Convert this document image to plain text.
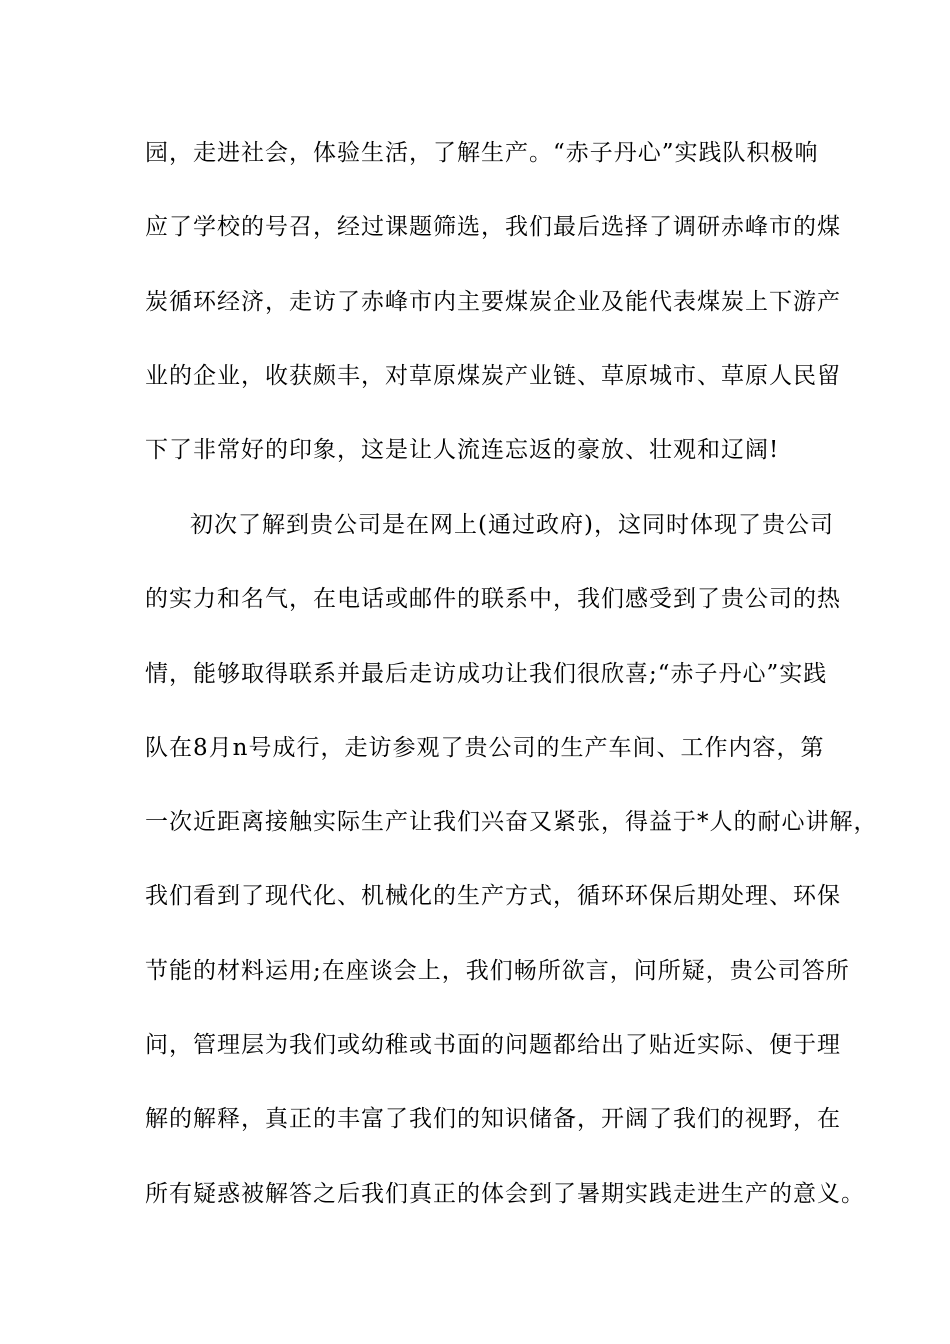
园，走进社会，体验生活，了解生产。“赤子丹心”实践队积极响
应了学校的号召，经过课题筛选，我们最后选择了调研赤峰市的煤
炭循环经济，走访了赤峰市内主要煤炭企业及能代表煤炭上下游产
业的企业，收获颇丰，对草原煤炭产业链、草原城市、草原人民留
下了非常好的印象，这是让人流连忘返的豪放、壮观和辽阔!
初次了解到贵公司是在网上(通过政府)，这同时体现了贵公司
的实力和名气，在电话或邮件的联系中，我们感受到了贵公司的热
情，能够取得联系并最后走访成功让我们很欣喜;“赤子丹心”实践
队在8月n号成行，走访参观了贵公司的生产车间、工作内容，第
一次近距离接触实际生产让我们兴奋又紧张，得益于*人的耐心讲解，
我们看到了现代化、机械化的生产方式，循环环保后期处理、环保
节能的材料运用;在座谈会上，我们畅所欲言，问所疑，贵公司答所
问，管理层为我们或幼稚或书面的问题都给出了贴近实际、便于理
解的解释，真正的丰富了我们的知识储备，开阔了我们的视野，在
所有疑惑被解答之后我们真正的体会到了暑期实践走进生产的意义。
